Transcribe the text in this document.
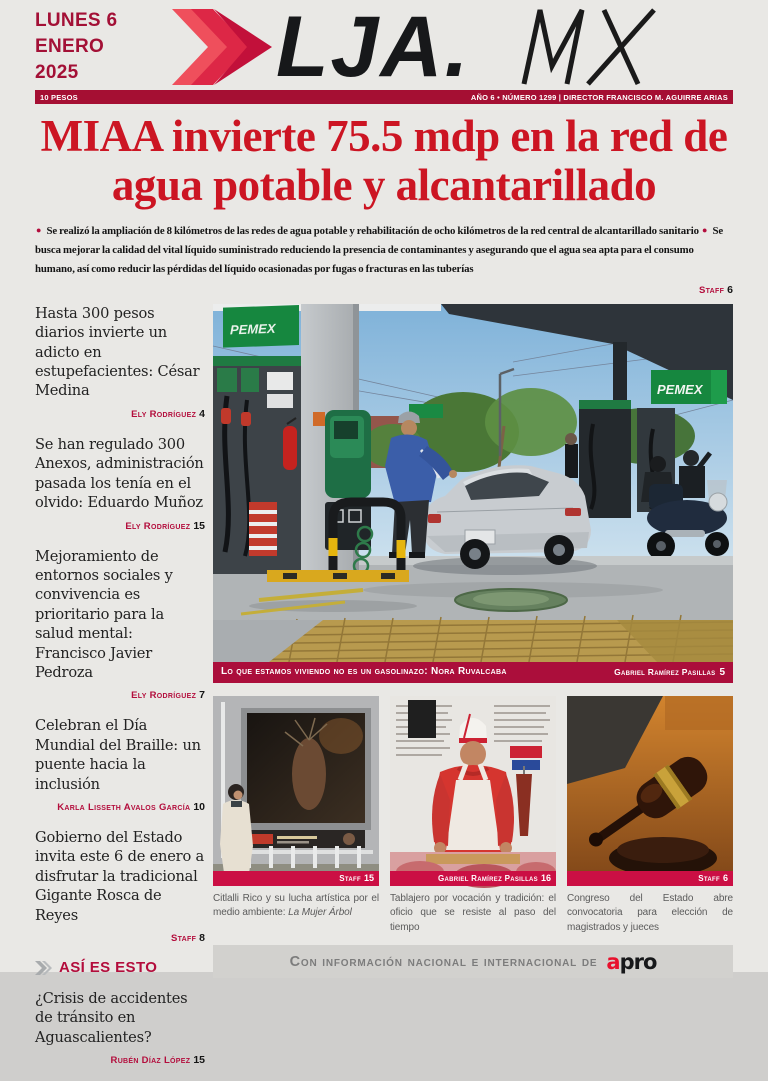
LUNES 6
ENERO
2025	LJA.
10 PESOS	AÑO 6 • NÚMERO 1299 | DIRECTOR FRANCISCO M. AGUIRRE ARIAS
MIAA invierte 75.5 mdp en la red de agua potable y alcantarillado

● Se realizó la ampliación de 8 kilómetros de las redes de agua potable y rehabilitación de ocho kilómetros de la red central de alcantarillado sanitario ● Se busca mejorar la calidad del vital líquido suministrado reduciendo la presencia de contaminantes y asegurando que el agua sea apta para el consumo humano, así como reducir las pérdidas del líquido ocasionadas por fugas o fracturas en las tuberías

Staff 6
Hasta 300 pesos diarios invierte un adicto en estupefacientes: César Medina
Ely Rodríguez 4
Se han regulado 300 Anexos, administración pasada los tenía en el olvido: Eduardo Muñoz
Ely Rodríguez 15
Mejoramiento de entornos sociales y convivencia es prioritario para la salud mental: Francisco Javier Pedroza
Ely Rodríguez 7
Celebran el Día Mundial del Braille: un puente hacia la inclusión
Karla Lisseth Avalos García 10
Gobierno del Estado invita este 6 de enero a disfrutar la tradicional Gigante Rosca de Reyes
Staff 8
ASÍ ES ESTO
¿Crisis de accidentes de tránsito en Aguascalientes?
Rubén Díaz López 15
PEMEX
PEMEX
Lo que estamos viviendo no es un gasolinazo: Nora Ruvalcaba	Gabriel Ramírez Pasillas 5
Staff 15

Citlalli Rico y su lucha artística por el medio ambiente: La Mujer Árbol

Gabriel Ramírez Pasillas 16

Tablajero por vocación y tradición: el oficio que se resiste al paso del tiempo

Staff 6

Congreso del Estado abre convocatoria para elección de magistrados y jueces

Con información nacional e internacional de apro
